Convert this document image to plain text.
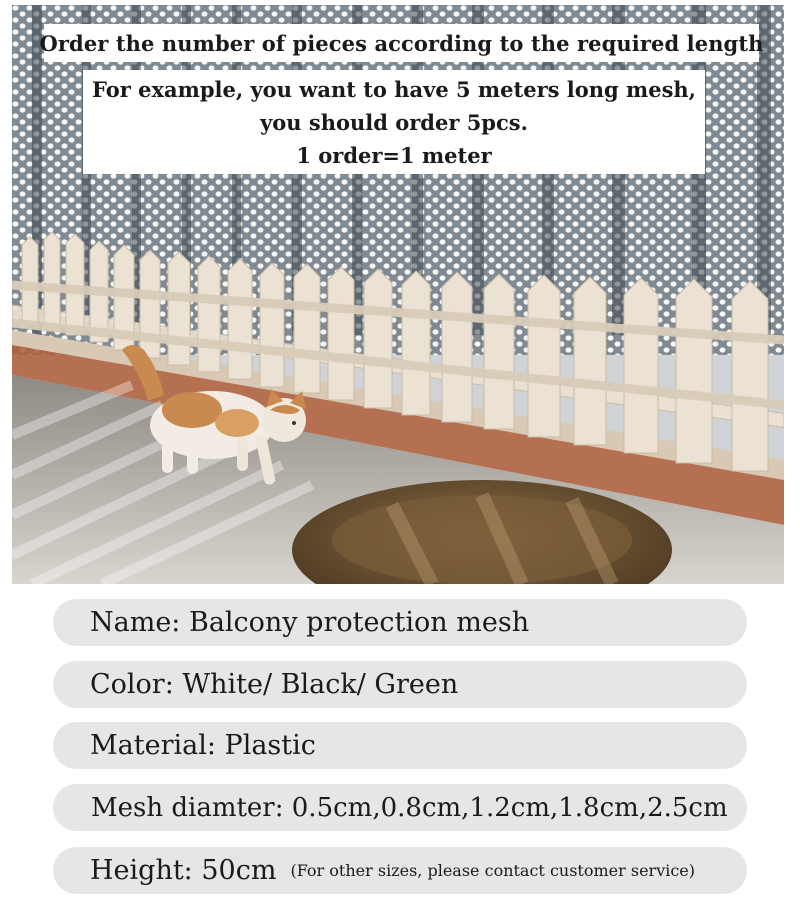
Order the number of pieces according to the required length
For example, you want to have 5 meters long mesh,
you should order 5pcs.
1 order=1 meter
Name: Balcony protection mesh
Color: White/ Black/ Green
Material: Plastic
Mesh diamter: 0.5cm,0.8cm,1.2cm,1.8cm,2.5cm
Height: 50cm (For other sizes, please contact customer service)
